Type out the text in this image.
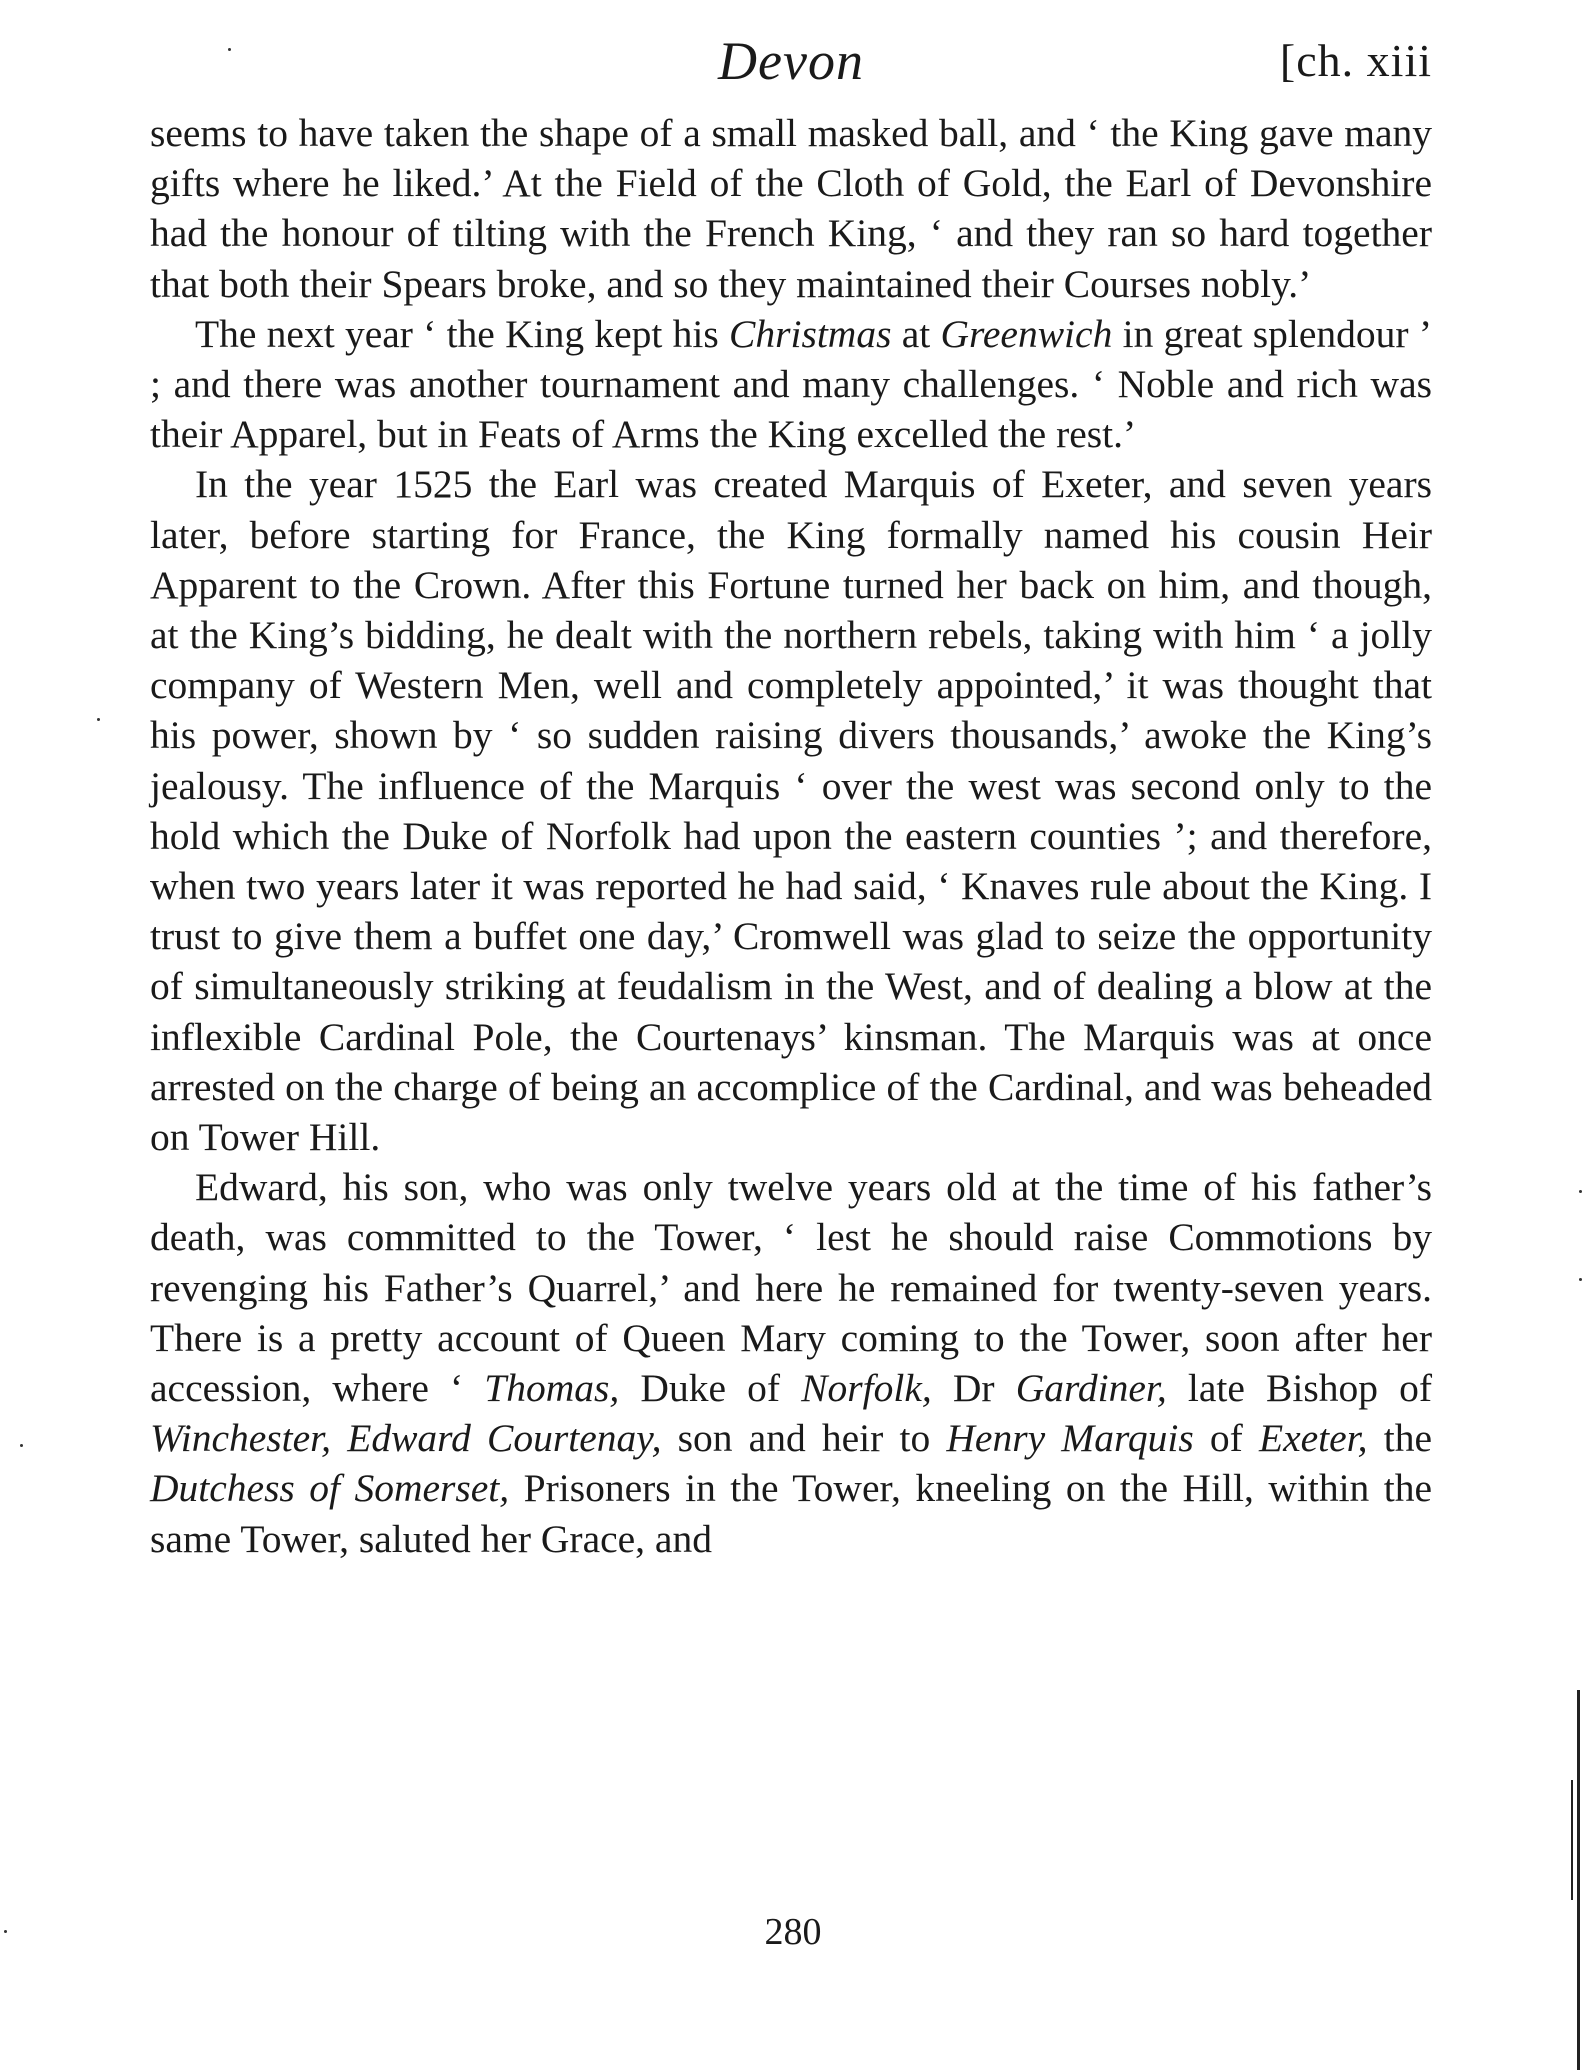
Devon	[ch. xiii

seems to have taken the shape of a small masked ball, and ‘ the King gave many gifts where he liked.’ At the Field of the Cloth of Gold, the Earl of Devonshire had the honour of tilting with the French King, ‘ and they ran so hard together that both their Spears broke, and so they maintained their Courses nobly.’

The next year ‘ the King kept his Christmas at Greenwich in great splendour ’ ; and there was another tournament and many challenges. ‘ Noble and rich was their Apparel, but in Feats of Arms the King excelled the rest.’

In the year 1525 the Earl was created Marquis of Exeter, and seven years later, before starting for France, the King formally named his cousin Heir Apparent to the Crown. After this Fortune turned her back on him, and though, at the King’s bidding, he dealt with the northern rebels, taking with him ‘ a jolly company of Western Men, well and completely appointed,’ it was thought that his power, shown by ‘ so sudden raising divers thousands,’ awoke the King’s jealousy. The influence of the Marquis ‘ over the west was second only to the hold which the Duke of Norfolk had upon the eastern counties ’; and therefore, when two years later it was reported he had said, ‘ Knaves rule about the King. I trust to give them a buffet one day,’ Cromwell was glad to seize the opportunity of simultaneously striking at feudalism in the West, and of dealing a blow at the inflexible Cardinal Pole, the Courtenays’ kinsman. The Marquis was at once arrested on the charge of being an accomplice of the Cardinal, and was beheaded on Tower Hill.

Edward, his son, who was only twelve years old at the time of his father’s death, was committed to the Tower, ‘ lest he should raise Commotions by revenging his Father’s Quarrel,’ and here he remained for twenty-seven years. There is a pretty account of Queen Mary coming to the Tower, soon after her accession, where ‘ Thomas, Duke of Norfolk, Dr Gardiner, late Bishop of Winchester, Edward Courtenay, son and heir to Henry Marquis of Exeter, the Dutchess of Somerset, Prisoners in the Tower, kneeling on the Hill, within the same Tower, saluted her Grace, and

280
